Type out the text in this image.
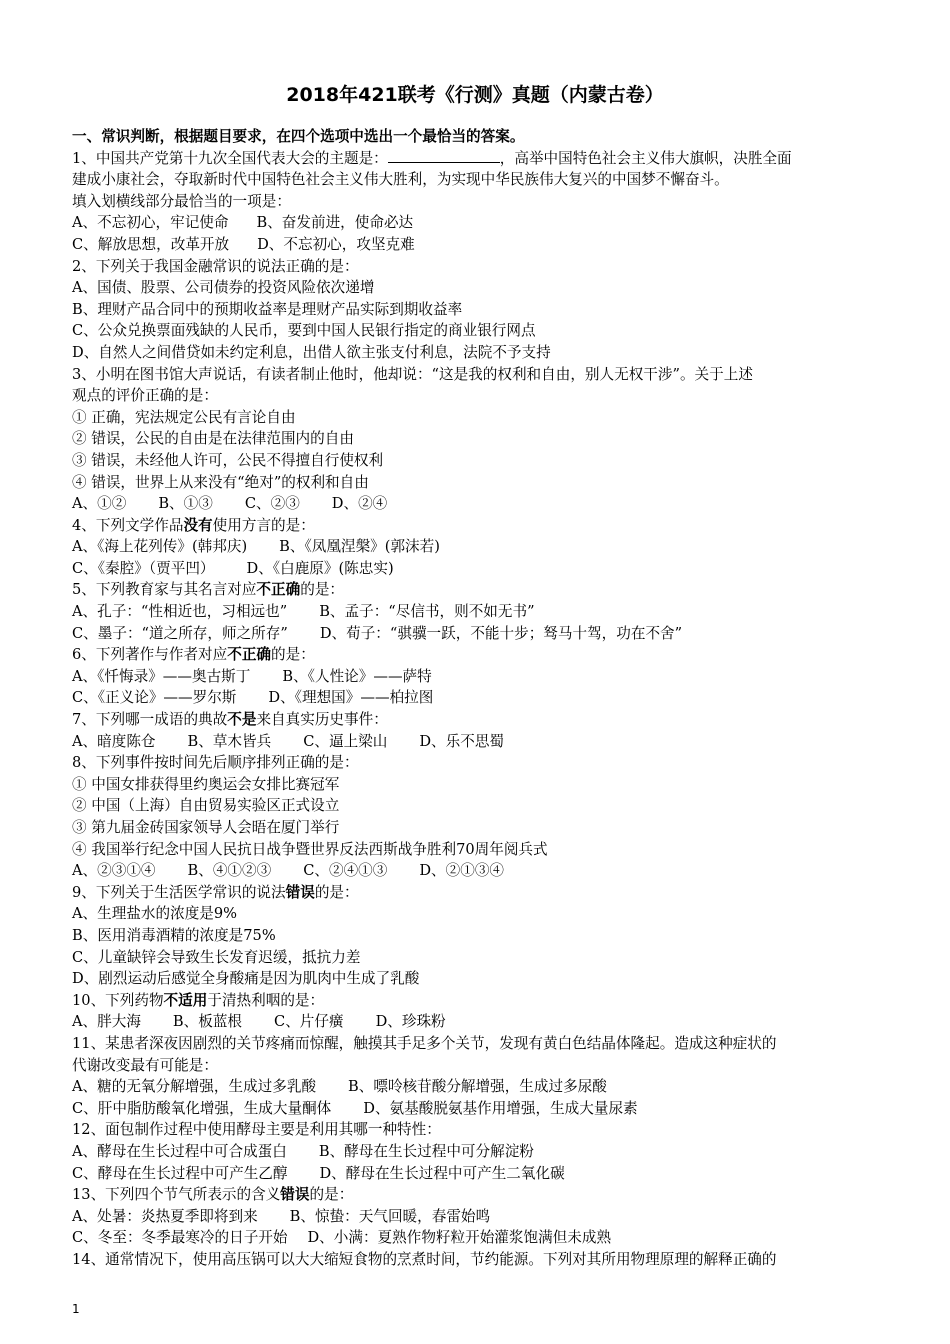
2018年421联考《行测》真题（内蒙古卷）
一、常识判断，根据题目要求，在四个选项中选出一个最恰当的答案。
1、中国共产党第十九次全国代表大会的主题是：	，高举中国特色社会主义伟大旗帜，决胜全面
建成小康社会，夺取新时代中国特色社会主义伟大胜利，为实现中华民族伟大复兴的中国梦不懈奋斗。
填入划横线部分最恰当的一项是：
A、不忘初心，牢记使命 B、奋发前进，使命必达
C、解放思想，改革开放 D、不忘初心，攻坚克难
2、下列关于我国金融常识的说法正确的是：
A、国债、股票、公司债券的投资风险依次递增
B、理财产品合同中的预期收益率是理财产品实际到期收益率
C、公众兑换票面残缺的人民币，要到中国人民银行指定的商业银行网点
D、自然人之间借贷如未约定利息，出借人欲主张支付利息，法院不予支持
3、小明在图书馆大声说话，有读者制止他时，他却说：“这是我的权利和自由，别人无权干涉”。关于上述
观点的评价正确的是：
① 正确，宪法规定公民有言论自由
② 错误，公民的自由是在法律范围内的自由
③ 错误，未经他人许可，公民不得擅自行使权利
④ 错误，世界上从来没有“绝对”的权利和自由
A、①② B、①③ C、②③ D、②④
4、下列文学作品没有使用方言的是：
A、《海上花列传》(韩邦庆) B、《凤凰涅槃》(郭沫若)
C、《秦腔》（贾平凹） D、《白鹿原》(陈忠实)
5、下列教育家与其名言对应不正确的是：
A、孔子：“性相近也，习相远也” B、孟子：“尽信书，则不如无书”
C、墨子：“道之所存，师之所存” D、荀子：“骐骥一跃，不能十步；驽马十驾，功在不舍”
6、下列著作与作者对应不正确的是：
A、《忏悔录》——奥古斯丁 B、《人性论》——萨特
C、《正义论》——罗尔斯 D、《理想国》——柏拉图
7、下列哪一成语的典故不是来自真实历史事件：
A、暗度陈仓 B、草木皆兵 C、逼上梁山 D、乐不思蜀
8、下列事件按时间先后顺序排列正确的是：
① 中国女排获得里约奥运会女排比赛冠军
② 中国（上海）自由贸易实验区正式设立
③ 第九届金砖国家领导人会晤在厦门举行
④ 我国举行纪念中国人民抗日战争暨世界反法西斯战争胜利70周年阅兵式
A、②③①④ B、④①②③ C、②④①③ D、②①③④
9、下列关于生活医学常识的说法错误的是：
A、生理盐水的浓度是9%
B、医用消毒酒精的浓度是75%
C、儿童缺锌会导致生长发育迟缓，抵抗力差
D、剧烈运动后感觉全身酸痛是因为肌肉中生成了乳酸
10、下列药物不适用于清热利咽的是：
A、胖大海 B、板蓝根 C、片仔癀 D、珍珠粉
11、某患者深夜因剧烈的关节疼痛而惊醒，触摸其手足多个关节，发现有黄白色结晶体隆起。造成这种症状的
代谢改变最有可能是：
A、糖的无氧分解增强，生成过多乳酸 B、嘌呤核苷酸分解增强，生成过多尿酸
C、肝中脂肪酸氧化增强，生成大量酮体 D、氨基酸脱氨基作用增强，生成大量尿素
12、面包制作过程中使用酵母主要是利用其哪一种特性：
A、酵母在生长过程中可合成蛋白 B、酵母在生长过程中可分解淀粉
C、酵母在生长过程中可产生乙醇 D、酵母在生长过程中可产生二氧化碳
13、下列四个节气所表示的含义错误的是：
A、处暑：炎热夏季即将到来 B、惊蛰：天气回暖，春雷始鸣
C、冬至：冬季最寒冷的日子开始 D、小满：夏熟作物籽粒开始灌浆饱满但未成熟
14、通常情况下，使用高压锅可以大大缩短食物的烹煮时间，节约能源。下列对其所用物理原理的解释正确的
1
